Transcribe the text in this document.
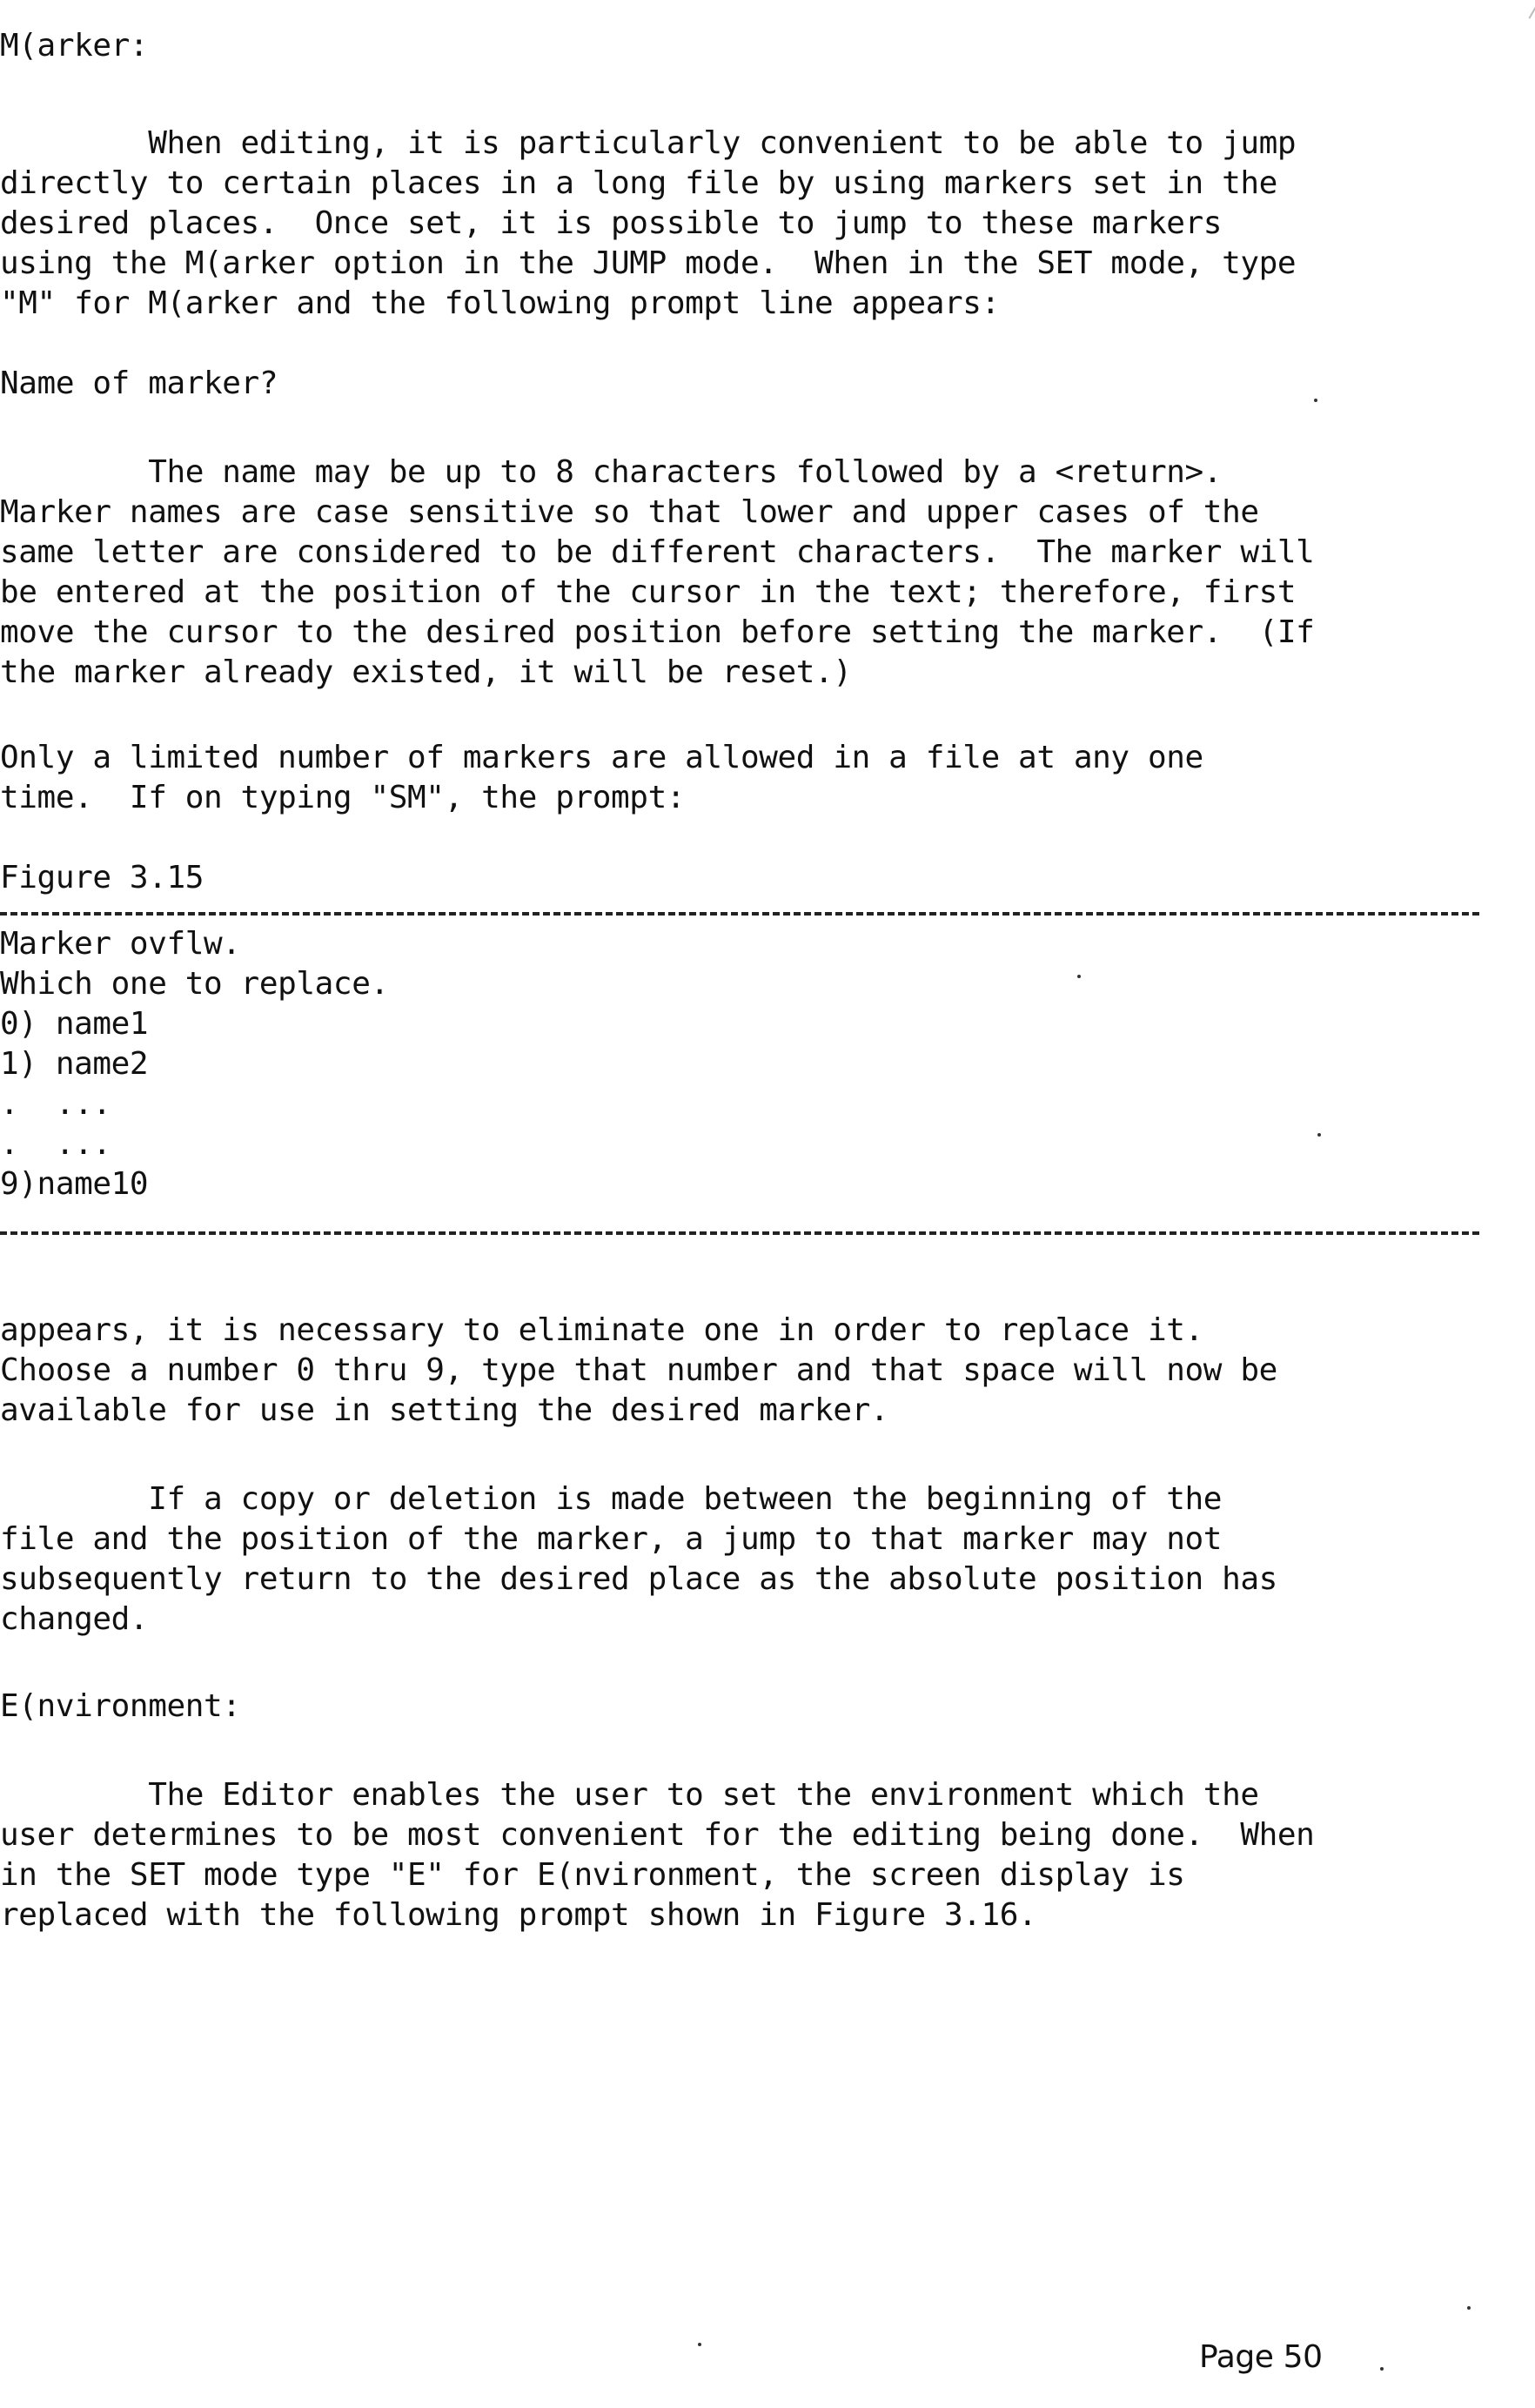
M(arker:

When editing, it is particularly convenient to be able to jump

directly to certain places in a long file by using markers set in the

desired places.  Once set, it is possible to jump to these markers

using the M(arker option in the JUMP mode.  When in the SET mode, type

"M" for M(arker and the following prompt line appears:

Name of marker?

The name may be up to 8 characters followed by a <return>.

Marker names are case sensitive so that lower and upper cases of the

same letter are considered to be different characters.  The marker will

be entered at the position of the cursor in the text; therefore, first

move the cursor to the desired position before setting the marker.  (If

the marker already existed, it will be reset.)

Only a limited number of markers are allowed in a file at any one

time.  If on typing "SM", the prompt:

Figure 3.15

Marker ovflw.

Which one to replace.

0) name1

1) name2

.  ...

.  ...

9)name10

appears, it is necessary to eliminate one in order to replace it.

Choose a number 0 thru 9, type that number and that space will now be

available for use in setting the desired marker.

If a copy or deletion is made between the beginning of the

file and the position of the marker, a jump to that marker may not

subsequently return to the desired place as the absolute position has

changed.

E(nvironment:

The Editor enables the user to set the environment which the

user determines to be most convenient for the editing being done.  When

in the SET mode type "E" for E(nvironment, the screen display is

replaced with the following prompt shown in Figure 3.16.

Page 50
